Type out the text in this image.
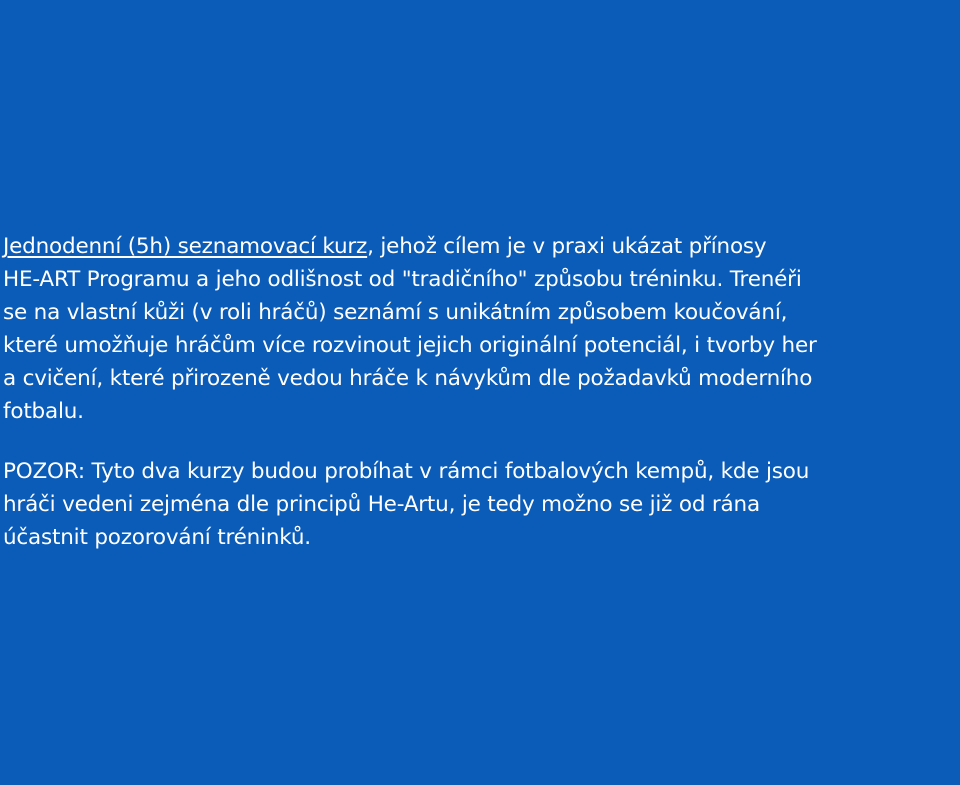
Jednodenní (5h) seznamovací kurz, jehož cílem je v praxi ukázat přínosy
HE-ART Programu a jeho odlišnost od "tradičního" způsobu tréninku. Trenéři
se na vlastní kůži (v roli hráčů) seznámí s unikátním způsobem koučování,
které umožňuje hráčům více rozvinout jejich originální potenciál, i tvorby her
a cvičení, které přirozeně vedou hráče k návykům dle požadavků moderního
fotbalu.

POZOR: Tyto dva kurzy budou probíhat v rámci fotbalových kempů, kde jsou
hráči vedeni zejména dle principů He-Artu, je tedy možno se již od rána
účastnit pozorování tréninků.
